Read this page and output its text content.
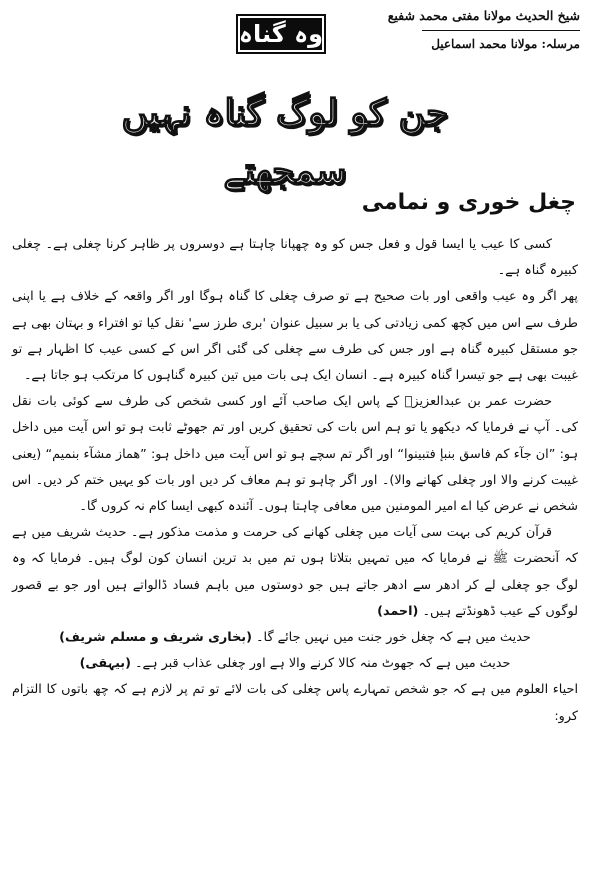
شیخ الحدیث مولانا مفتی محمد شفیع
مرسلہ: مولانا محمد اسماعیل
وہ گناہ
جن کو لوگ گناہ نہیں سمجھتے
چغل خوری و نمامی

کسی کا عیب یا ایسا قول و فعل جس کو وہ چھپانا چاہتا ہے دوسروں پر ظاہر کرنا چغلی ہے۔ چغلی کبیرہ گناہ ہے۔

پھر اگر وہ عیب واقعی اور بات صحیح ہے تو صرف چغلی کا گناہ ہوگا اور اگر واقعہ کے خلاف ہے یا اپنی طرف سے اس میں کچھ کمی زیادتی کی یا بر سبیل عنوان 'بری طرز سے' نقل کیا تو افتراء و بہتان بھی ہے جو مستقل کبیرہ گناہ ہے اور جس کی طرف سے چغلی کی گئی اگر اس کے کسی عیب کا اظہار ہے تو غیبت بھی ہے جو تیسرا گناہ کبیرہ ہے۔ انسان ایک ہی بات میں تین کبیرہ گناہوں کا مرتکب ہو جاتا ہے۔

حضرت عمر بن عبدالعزیزؒ کے پاس ایک صاحب آئے اور کسی شخص کی طرف سے کوئی بات نقل کی۔ آپ نے فرمایا کہ دیکھو یا تو ہم اس بات کی تحقیق کریں اور تم جھوٹے ثابت ہو تو اس آیت میں داخل ہو: ”ان جآء کم فاسق بنبإ فتبینوا“ اور اگر تم سچے ہو تو اس آیت میں داخل ہو: ”ھماز مشآء بنمیم“ (یعنی غیبت کرنے والا اور چغلی کھانے والا)۔ اور اگر چاہو تو ہم معاف کر دیں اور بات کو یہیں ختم کر دیں۔ اس شخص نے عرض کیا اے امیر المومنین میں معافی چاہتا ہوں۔ آئندہ کبھی ایسا کام نہ کروں گا۔

قرآن کریم کی بہت سی آیات میں چغلی کھانے کی حرمت و مذمت مذکور ہے۔ حدیث شریف میں ہے کہ آنحضرت ﷺ نے فرمایا کہ میں تمہیں بتلاتا ہوں تم میں بد ترین انسان کون لوگ ہیں۔ فرمایا کہ وہ لوگ جو چغلی لے کر ادھر سے ادھر جاتے ہیں جو دوستوں میں باہم فساد ڈالواتے ہیں اور جو بے قصور لوگوں کے عیب ڈھونڈتے ہیں۔ (احمد)

حدیث میں ہے کہ چغل خور جنت میں نہیں جائے گا۔ (بخاری شریف و مسلم شریف)

حدیث میں ہے کہ جھوٹ منہ کالا کرنے والا ہے اور چغلی عذاب قبر ہے۔ (بیہقی)

احیاء العلوم میں ہے کہ جو شخص تمہارے پاس چغلی کی بات لائے تو تم پر لازم ہے کہ چھ باتوں کا التزام کرو:
